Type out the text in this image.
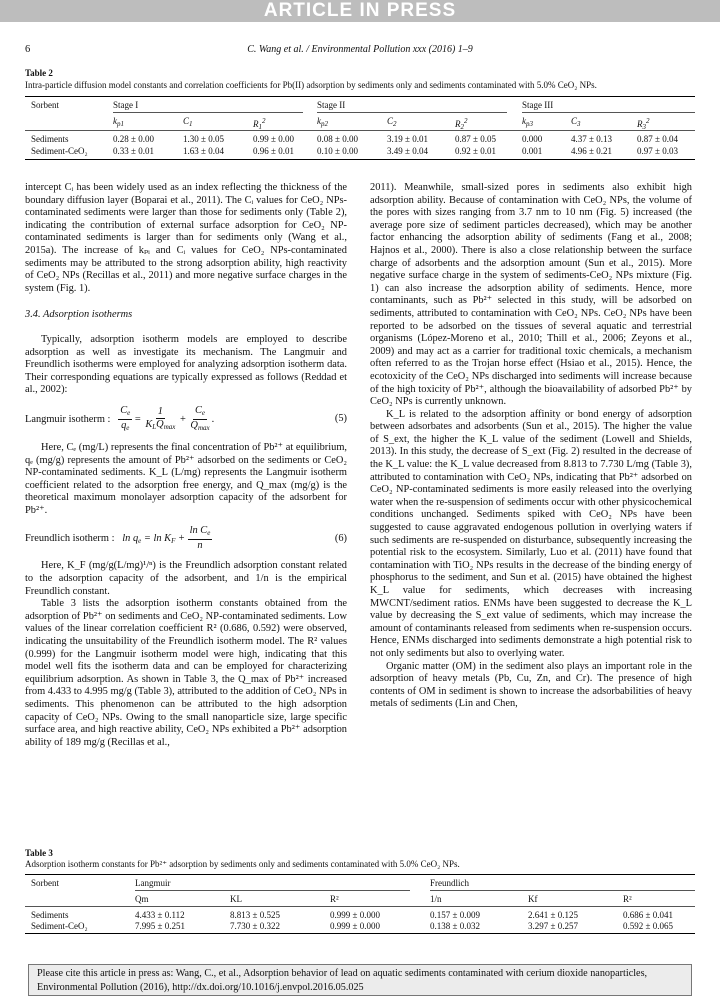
ARTICLE IN PRESS
6	C. Wang et al. / Environmental Pollution xxx (2016) 1–9
Table 2
Intra-particle diffusion model constants and correlation coefficients for Pb(II) adsorption by sediments only and sediments contaminated with 5.0% CeO₂ NPs.
Sorbent	Stage I	Stage II	Stage III
$k_{p1}$	$C_1$	$R_1^2$	$k_{p2}$	$C_2$	$R_2^2$	$k_{p3}$	$C_3$	$R_3^2$
Sediments	0.28 ± 0.00	1.30 ± 0.05	0.99 ± 0.00	0.08 ± 0.00	3.19 ± 0.01	0.87 ± 0.05	0.000	4.37 ± 0.13	0.87 ± 0.04
Sediment-CeO₂	0.33 ± 0.01	1.63 ± 0.04	0.96 ± 0.01	0.10 ± 0.00	3.49 ± 0.04	0.92 ± 0.01	0.001	4.96 ± 0.21	0.97 ± 0.03

intercept Cᵢ has been widely used as an index reflecting the thickness of the boundary diffusion layer (Boparai et al., 2011). The Cᵢ values for CeO₂ NPs-contaminated sediments were larger than those for sediments only (Table 2), indicating the contribution of external surface adsorption for CeO₂ NP-contaminated sediments is larger than for sediments only (Wang et al., 2015a). The increase of kₚᵢ and Cᵢ values for CeO₂ NPs-contaminated sediments may be attributed to the strong adsorption ability, high reactivity of CeO₂ NPs (Recillas et al., 2011) and more negative surface charges in the system (Fig. 1).

3.4. Adsorption isotherms

Typically, adsorption isotherm models are employed to describe adsorption as well as investigate its mechanism. The Langmuir and Freundlich isotherms were employed for analyzing adsorption isotherm data. Their corresponding equations are typically expressed as follows (Reddad et al., 2002):

Langmuir isotherm : $\frac{C_e}{q_e} = \frac{1}{K_LQ_{max}} + \frac{C_e}{Q_{max}}$ .	(5)

Here, Cₑ (mg/L) represents the final concentration of Pb²⁺ at equilibrium, qₑ (mg/g) represents the amount of Pb²⁺ adsorbed on the sediments or CeO₂ NP-contaminated sediments. K_L (L/mg) represents the Langmuir isotherm coefficient related to the adsorption free energy, and Q_max (mg/g) is the theoretical maximum monolayer adsorption capacity of the adsorbent for Pb²⁺.

Freundlich isotherm : $\ln q_e = \ln K_F + \frac{\ln C_e}{n}$	(6)

Here, K_F (mg/g(L/mg)¹/ⁿ) is the Freundlich adsorption constant related to the adsorption capacity of the adsorbent, and 1/n is the empirical Freundlich constant.

Table 3 lists the adsorption isotherm constants obtained from the adsorption of Pb²⁺ on sediments and CeO₂ NP-contaminated sediments. Low values of the linear correlation coefficient R² (0.686, 0.592) were observed, indicating the unsuitability of the Freundlich isotherm model. The R² values (0.999) for the Langmuir isotherm model were high, indicating that this model well fits the isotherm data and can be employed for characterizing equilibrium adsorption. As shown in Table 3, the Q_max of Pb²⁺ increased from 4.433 to 4.995 mg/g (Table 3), attributed to the addition of CeO₂ NPs in sediments. This phenomenon can be attributed to the high adsorption capacity of CeO₂ NPs. Owing to the small nanoparticle size, large specific surface area, and high reactive ability, CeO₂ NPs exhibited a Pb²⁺ adsorption ability of 189 mg/g (Recillas et al.,

2011). Meanwhile, small-sized pores in sediments also exhibit high adsorption ability. Because of contamination with CeO₂ NPs, the volume of the pores with sizes ranging from 3.7 nm to 10 nm (Fig. 5) increased (the average pore size of sediment particles decreased), which may be another factor enhancing the adsorption ability of sediments (Fang et al., 2008; Hajnos et al., 2000). There is also a close relationship between the surface charge of adsorbents and the adsorption amount (Sun et al., 2015). More negative surface charge in the system of sediments-CeO₂ NPs mixture (Fig. 1) can also increase the adsorption ability of sediments. Hence, more contaminants, such as Pb²⁺ selected in this study, will be adsorbed on sediments, attributed to contamination with CeO₂ NPs. CeO₂ NPs have been reported to be adsorbed on the tissues of several aquatic and terrestrial organisms (López-Moreno et al., 2010; Thill et al., 2006; Zeyons et al., 2009) and may act as a carrier for traditional toxic chemicals, a mechanism often referred to as the Trojan horse effect (Hsiao et al., 2015). Hence, the ecotoxicity of the CeO₂ NPs discharged into sediments will increase because of the high toxicity of Pb²⁺, although the bioavailability of adsorbed Pb²⁺ by CeO₂ NPs is currently unknown.

K_L is related to the adsorption affinity or bond energy of adsorption between adsorbates and adsorbents (Sun et al., 2015). The higher the value of S_ext, the higher the K_L value of the sediment (Lowell and Shields, 2013). In this study, the decrease of S_ext (Fig. 2) resulted in the decrease of the K_L value: the K_L value decreased from 8.813 to 7.730 L/mg (Table 3), attributed to contamination with CeO₂ NPs, indicating that Pb²⁺ adsorbed on CeO₂ NP-contaminated sediments is more easily released into the overlying water when the re-suspension of sediments occur with other physicochemical conditions unchanged. Sediments spiked with CeO₂ NPs have been suggested to cause aggravated endogenous pollution in overlying waters if such sediments are re-suspended on disturbance, subsequently increasing the potential risk to the ecosystem. Similarly, Luo et al. (2011) have found that contamination with TiO₂ NPs results in the decrease of the binding energy of phosphorus to the sediment, and Sun et al. (2015) have obtained the highest K_L value for sediments, which decreases with increasing MWCNT/sediment ratios. ENMs have been suggested to decrease the K_L value by decreasing the S_ext value of sediments, which may increase the amount of contaminants released from sediments when re-suspension occurs. Hence, ENMs discharged into sediments demonstrate a high potential risk to not only sediments but also to overlying water.

Organic matter (OM) in the sediment also plays an important role in the adsorption of heavy metals (Pb, Cu, Zn, and Cr). The presence of high contents of OM in sediment is shown to increase the adsorbabilities of heavy metals of sediments (Lin and Chen,

Table 3
Adsorption isotherm constants for Pb²⁺ adsorption by sediments only and sediments contaminated with 5.0% CeO₂ NPs.
Sorbent	Langmuir	Freundlich
Qm	KL	R²	1/n	Kf	R²
Sediments	4.433 ± 0.112	8.813 ± 0.525	0.999 ± 0.000	0.157 ± 0.009	2.641 ± 0.125	0.686 ± 0.041
Sediment-CeO₂	7.995 ± 0.251	7.730 ± 0.322	0.999 ± 0.000	0.138 ± 0.032	3.297 ± 0.257	0.592 ± 0.065
Please cite this article in press as: Wang, C., et al., Adsorption behavior of lead on aquatic sediments contaminated with cerium dioxide nanoparticles, Environmental Pollution (2016), http://dx.doi.org/10.1016/j.envpol.2016.05.025
